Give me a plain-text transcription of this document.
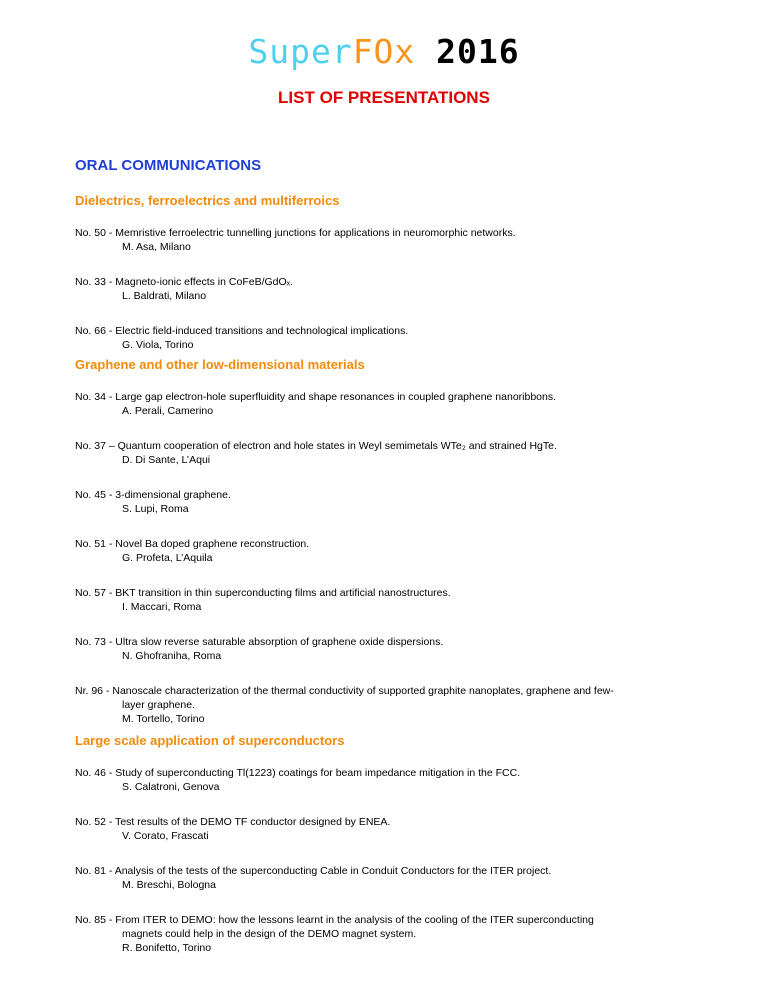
SuperFOx 2016
LIST OF PRESENTATIONS
ORAL COMMUNICATIONS
Dielectrics, ferroelectrics and multiferroics
No. 50 - Memristive ferroelectric tunnelling junctions for applications in neuromorphic networks.
M. Asa, Milano
No. 33 - Magneto-ionic effects in CoFeB/GdOₓ.
L. Baldrati, Milano
No. 66 - Electric field-induced transitions and technological implications.
G. Viola, Torino
Graphene and other low-dimensional materials
No. 34 - Large gap electron-hole superfluidity and shape resonances in coupled graphene nanoribbons.
A. Perali, Camerino
No. 37 – Quantum cooperation of electron and hole states in Weyl semimetals WTe₂ and strained HgTe.
D. Di Sante, L’Aqui
No. 45 - 3-dimensional graphene.
S. Lupi, Roma
No. 51 - Novel Ba doped graphene reconstruction.
G. Profeta, L’Aquila
No. 57 - BKT transition in thin superconducting films and artificial nanostructures.
I. Maccari, Roma
No. 73 - Ultra slow reverse saturable absorption of graphene oxide dispersions.
N. Ghofraniha, Roma
Nr. 96 - Nanoscale characterization of the thermal conductivity of supported graphite nanoplates, graphene and few-
layer graphene.
M. Tortello, Torino
Large scale application of superconductors
No. 46 - Study of superconducting Tl(1223) coatings for beam impedance mitigation in the FCC.
S. Calatroni, Genova
No. 52 - Test results of the DEMO TF conductor designed by ENEA.
V. Corato, Frascati
No. 81 - Analysis of the tests of the superconducting Cable in Conduit Conductors for the ITER project.
M. Breschi, Bologna
No. 85 - From ITER to DEMO: how the lessons learnt in the analysis of the cooling of the ITER superconducting
magnets could help in the design of the DEMO magnet system.
R. Bonifetto, Torino
